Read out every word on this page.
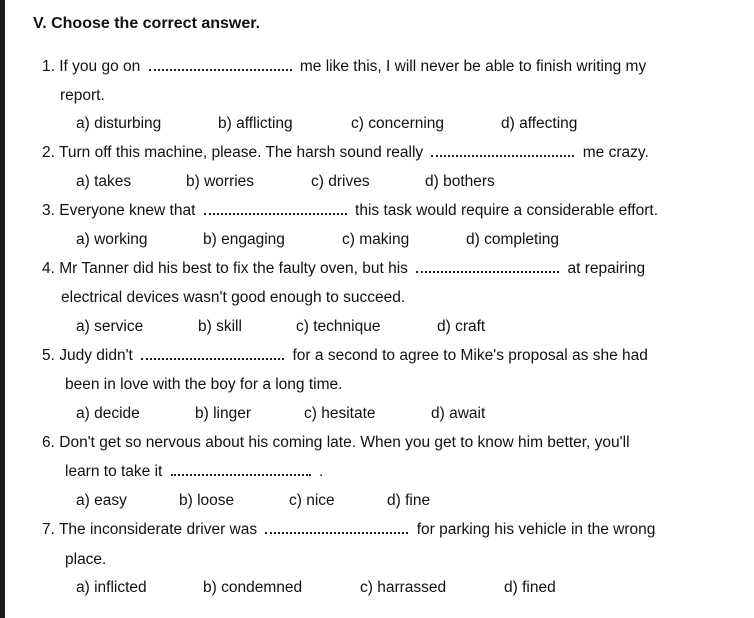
V. Choose the correct answer.
1. If you go on	me like this, I will never be able to finish writing my
report.
a) disturbing	b) afflicting	c) concerning	d) affecting
2. Turn off this machine, please. The harsh sound really	me crazy.
a) takes	b) worries	c) drives	d) bothers
3. Everyone knew that	this task would require a considerable effort.
a) working	b) engaging	c) making	d) completing
4. Mr Tanner did his best to fix the faulty oven, but his	at repairing
electrical devices wasn't good enough to succeed.
a) service	b) skill	c) technique	d) craft
5. Judy didn't	for a second to agree to Mike's proposal as she had
been in love with the boy for a long time.
a) decide	b) linger	c) hesitate	d) await
6. Don't get so nervous about his coming late. When you get to know him better, you'll
learn to take it	.
a) easy	b) loose	c) nice	d) fine
7. The inconsiderate driver was	for parking his vehicle in the wrong
place.
a) inflicted	b) condemned	c) harrassed	d) fined
